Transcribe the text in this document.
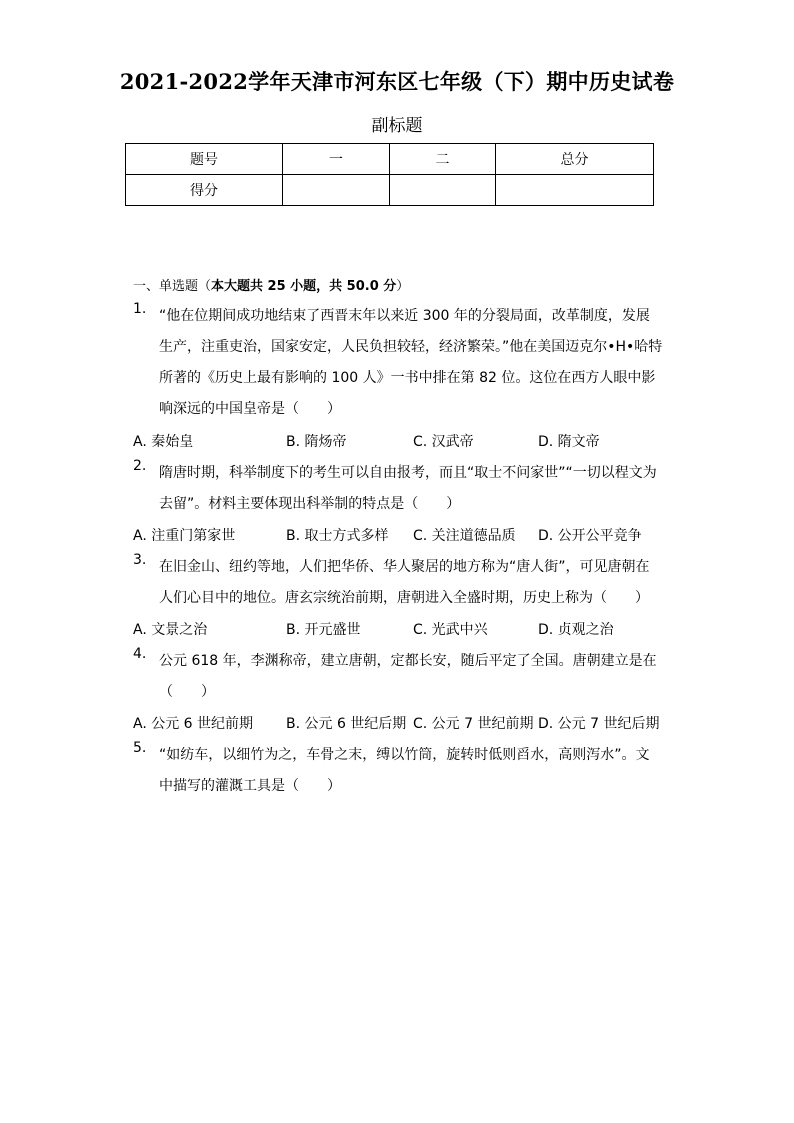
2021-2022学年天津市河东区七年级（下）期中历史试卷
副标题
题号	一	二	总分
得分			
一、单选题（本大题共 25 小题，共 50.0 分）
1. “他在位期间成功地结束了西晋末年以来近 300 年的分裂局面，改革制度，发展生产，注重吏治，国家安定，人民负担较轻，经济繁荣。”他在美国迈克尔•H•哈特所著的《历史上最有影响的 100 人》一书中排在第 82 位。这位在西方人眼中影响深远的中国皇帝是（　　）
A. 秦始皇	B. 隋炀帝	C. 汉武帝	D. 隋文帝
2. 隋唐时期，科举制度下的考生可以自由报考，而且“取士不问家世”“一切以程文为去留”。材料主要体现出科举制的特点是（　　）
A. 注重门第家世	B. 取士方式多样 C. 关注道德品质 D. 公开公平竞争
3. 在旧金山、纽约等地，人们把华侨、华人聚居的地方称为“唐人街”，可见唐朝在人们心目中的地位。唐玄宗统治前期，唐朝进入全盛时期，历史上称为（　　）
A. 文景之治	B. 开元盛世	C. 光武中兴	D. 贞观之治
4. 公元 618 年，李渊称帝，建立唐朝，定都长安，随后平定了全国。唐朝建立是在（　　）
A. 公元 6 世纪前期 B. 公元 6 世纪后期 C. 公元 7 世纪前期 D. 公元 7 世纪后期
5. “如纺车，以细竹为之，车骨之末，缚以竹筒，旋转时低则舀水，高则泻水”。文中描写的灌溉工具是（　　）
